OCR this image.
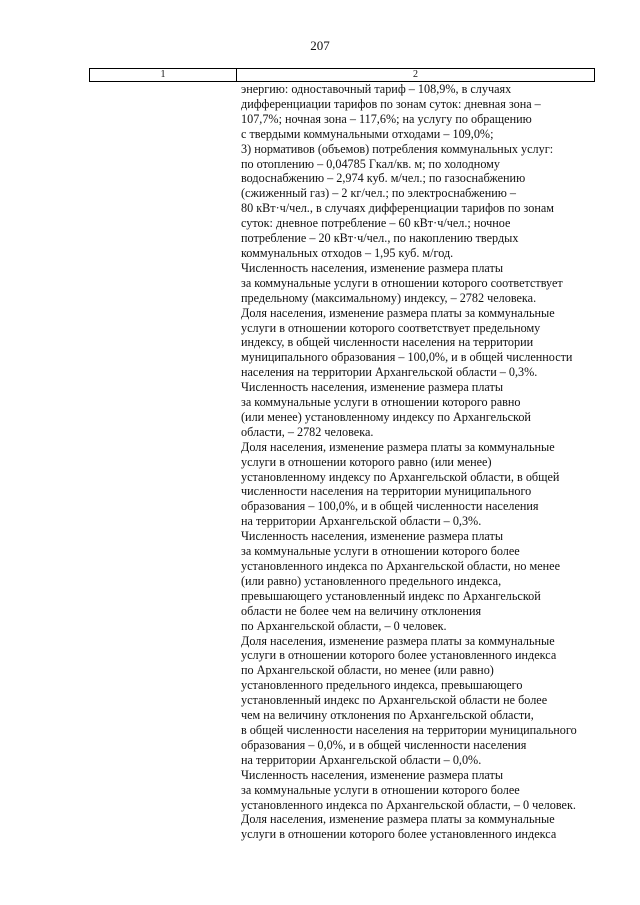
207
1	2
энергию: одноставочный тариф – 108,9%, в случаях
дифференциации тарифов по зонам суток: дневная зона –
107,7%; ночная зона – 117,6%; на услугу по обращению
с твердыми коммунальными отходами – 109,0%;
3) нормативов (объемов) потребления коммунальных услуг:
по отоплению – 0,04785 Гкал/кв. м; по холодному
водоснабжению – 2,974 куб. м/чел.; по газоснабжению
(сжиженный газ) – 2 кг/чел.; по электроснабжению –
80 кВт·ч/чел., в случаях дифференциации тарифов по зонам
суток: дневное потребление – 60 кВт·ч/чел.; ночное
потребление – 20 кВт·ч/чел., по накоплению твердых
коммунальных отходов – 1,95 куб. м/год.
Численность населения, изменение размера платы
за коммунальные услуги в отношении которого соответствует
предельному (максимальному) индексу, – 2782 человека.
Доля населения, изменение размера платы за коммунальные
услуги в отношении которого соответствует предельному
индексу, в общей численности населения на территории
муниципального образования – 100,0%, и в общей численности
населения на территории Архангельской области – 0,3%.
Численность населения, изменение размера платы
за коммунальные услуги в отношении которого равно
(или менее) установленному индексу по Архангельской
области, – 2782 человека.
Доля населения, изменение размера платы за коммунальные
услуги в отношении которого равно (или менее)
установленному индексу по Архангельской области, в общей
численности населения на территории муниципального
образования – 100,0%, и в общей численности населения
на территории Архангельской области – 0,3%.
Численность населения, изменение размера платы
за коммунальные услуги в отношении которого более
установленного индекса по Архангельской области, но менее
(или равно) установленного предельного индекса,
превышающего установленный индекс по Архангельской
области не более чем на величину отклонения
по Архангельской области, – 0 человек.
Доля населения, изменение размера платы за коммунальные
услуги в отношении которого более установленного индекса
по Архангельской области, но менее (или равно)
установленного предельного индекса, превышающего
установленный индекс по Архангельской области не более
чем на величину отклонения по Архангельской области,
в общей численности населения на территории муниципального
образования – 0,0%, и в общей численности населения
на территории Архангельской области – 0,0%.
Численность населения, изменение размера платы
за коммунальные услуги в отношении которого более
установленного индекса по Архангельской области, – 0 человек.
Доля населения, изменение размера платы за коммунальные
услуги в отношении которого более установленного индекса
